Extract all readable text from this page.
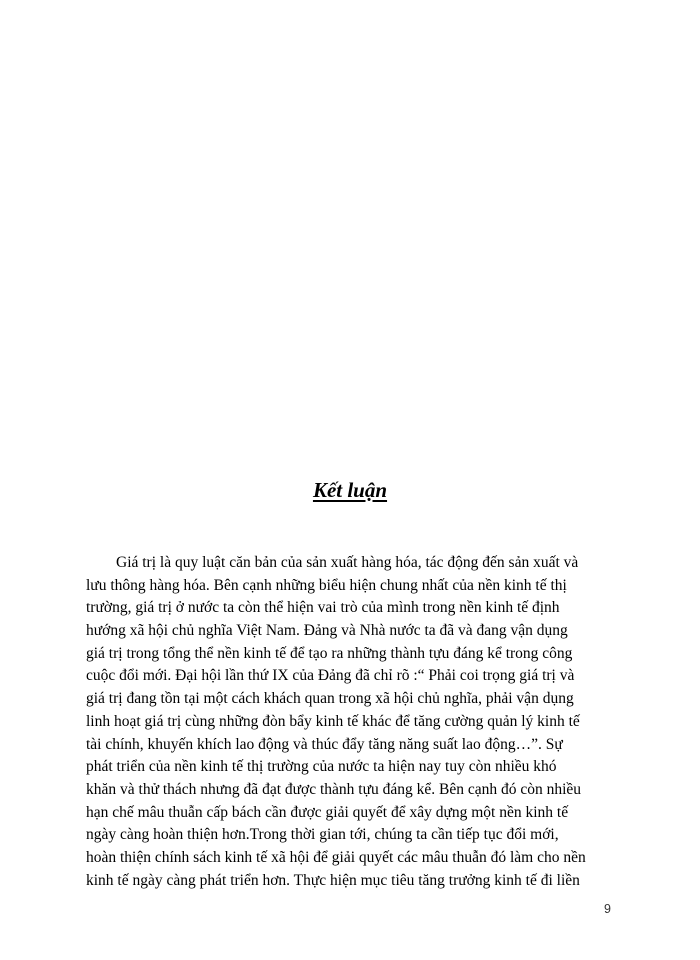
Kết luận
Giá trị là quy luật căn bản của sản xuất hàng hóa, tác động đến sản xuất và
lưu thông hàng hóa. Bên cạnh những biểu hiện chung nhất của nền kinh tế thị
trường, giá trị ở nước ta còn thể hiện vai trò của mình trong nền kinh tế định
hướng xã hội chủ nghĩa Việt Nam. Đảng và Nhà nước ta đã và đang vận dụng
giá trị trong tổng thể nền kinh tế để tạo ra những thành tựu đáng kể trong công
cuộc đổi mới. Đại hội lần thứ IX của Đảng đã chỉ rõ :“ Phải coi trọng giá trị và
giá trị đang tồn tại một cách khách quan trong xã hội chủ nghĩa, phải vận dụng
linh hoạt giá trị cùng những đòn bẩy kinh tế khác để tăng cường quản lý kinh tế
tài chính, khuyến khích lao động và thúc đẩy tăng năng suất lao động…”. Sự
phát triển của nền kinh tế thị trường của nước ta hiện nay tuy còn nhiều khó
khăn và thử thách nhưng đã đạt được thành tựu đáng kể. Bên cạnh đó còn nhiều
hạn chế mâu thuẫn cấp bách cần được giải quyết để xây dựng một nền kinh tế
ngày càng hoàn thiện hơn.Trong thời gian tới, chúng ta cần tiếp tục đổi mới,
hoàn thiện chính sách kinh tế xã hội để giải quyết các mâu thuẫn đó làm cho nền
kinh tế ngày càng phát triển hơn. Thực hiện mục tiêu tăng trưởng kinh tế đi liền
9
